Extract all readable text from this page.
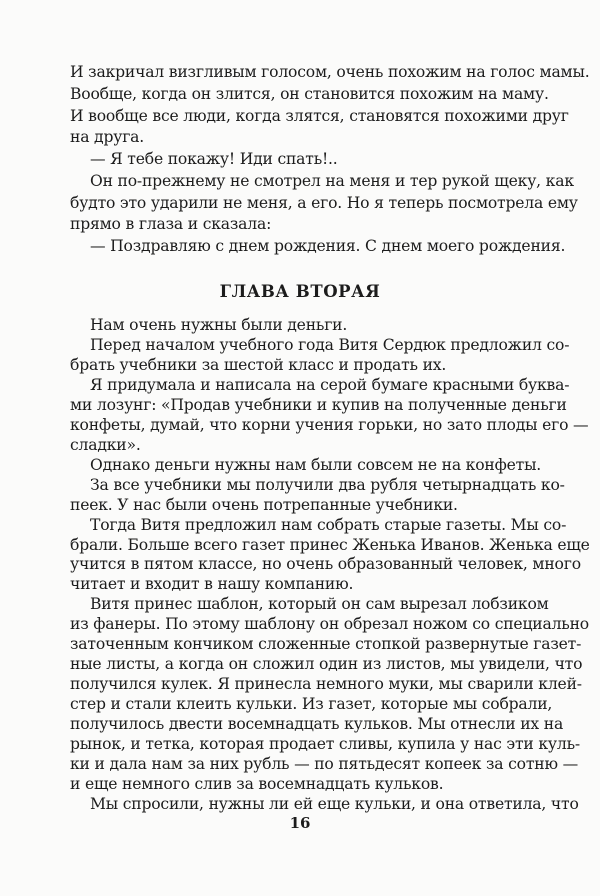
И закричал визгливым голосом, очень похожим на голос мамы.
Вообще, когда он злится, он становится похожим на маму.
И вообще все люди, когда злятся, становятся похожими друг
на друга.
— Я тебе покажу! Иди спать!..
Он по-прежнему не смотрел на меня и тер рукой щеку, как
будто это ударили не меня, а его. Но я теперь посмотрела ему
прямо в глаза и сказала:
— Поздравляю с днем рождения. С днем моего рождения.
ГЛАВА ВТОРАЯ
Нам очень нужны были деньги.
Перед началом учебного года Витя Сердюк предложил со-
брать учебники за шестой класс и продать их.
Я придумала и написала на серой бумаге красными буква-
ми лозунг: «Продав учебники и купив на полученные деньги
конфеты, думай, что корни учения горьки, но зато плоды его —
сладки».
Однако деньги нужны нам были совсем не на конфеты.
За все учебники мы получили два рубля четырнадцать ко-
пеек. У нас были очень потрепанные учебники.
Тогда Витя предложил нам собрать старые газеты. Мы со-
брали. Больше всего газет принес Женька Иванов. Женька еще
учится в пятом классе, но очень образованный человек, много
читает и входит в нашу компанию.
Витя принес шаблон, который он сам вырезал лобзиком
из фанеры. По этому шаблону он обрезал ножом со специально
заточенным кончиком сложенные стопкой развернутые газет-
ные листы, а когда он сложил один из листов, мы увидели, что
получился кулек. Я принесла немного муки, мы сварили клей-
стер и стали клеить кульки. Из газет, которые мы собрали,
получилось двести восемнадцать кульков. Мы отнесли их на
рынок, и тетка, которая продает сливы, купила у нас эти куль-
ки и дала нам за них рубль — по пятьдесят копеек за сотню —
и еще немного слив за восемнадцать кульков.
Мы спросили, нужны ли ей еще кульки, и она ответила, что
16
